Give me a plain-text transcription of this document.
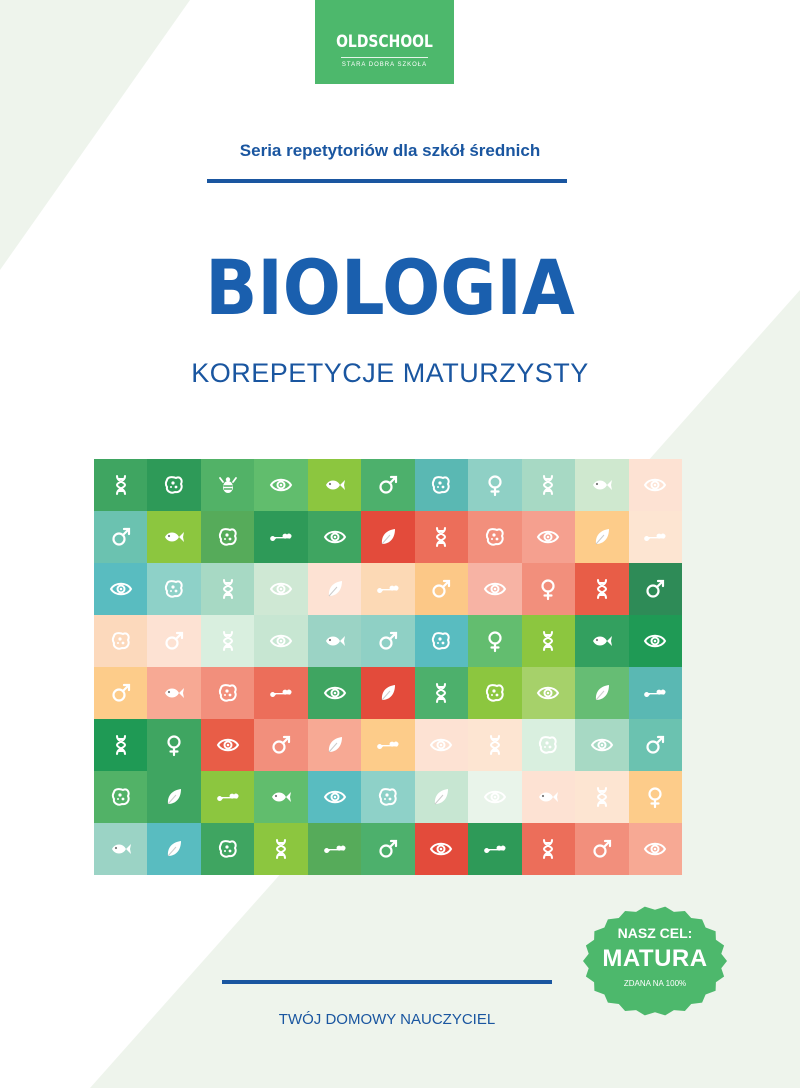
OLDSCHOOL
STARA DOBRA SZKOŁA
Seria repetytoriów dla szkół średnich
BIOLOGIA
KOREPETYCJE MATURZYSTY
TWÓJ DOMOWY NAUCZYCIEL
NASZ CEL:
MATURA
ZDANA NA 100%
